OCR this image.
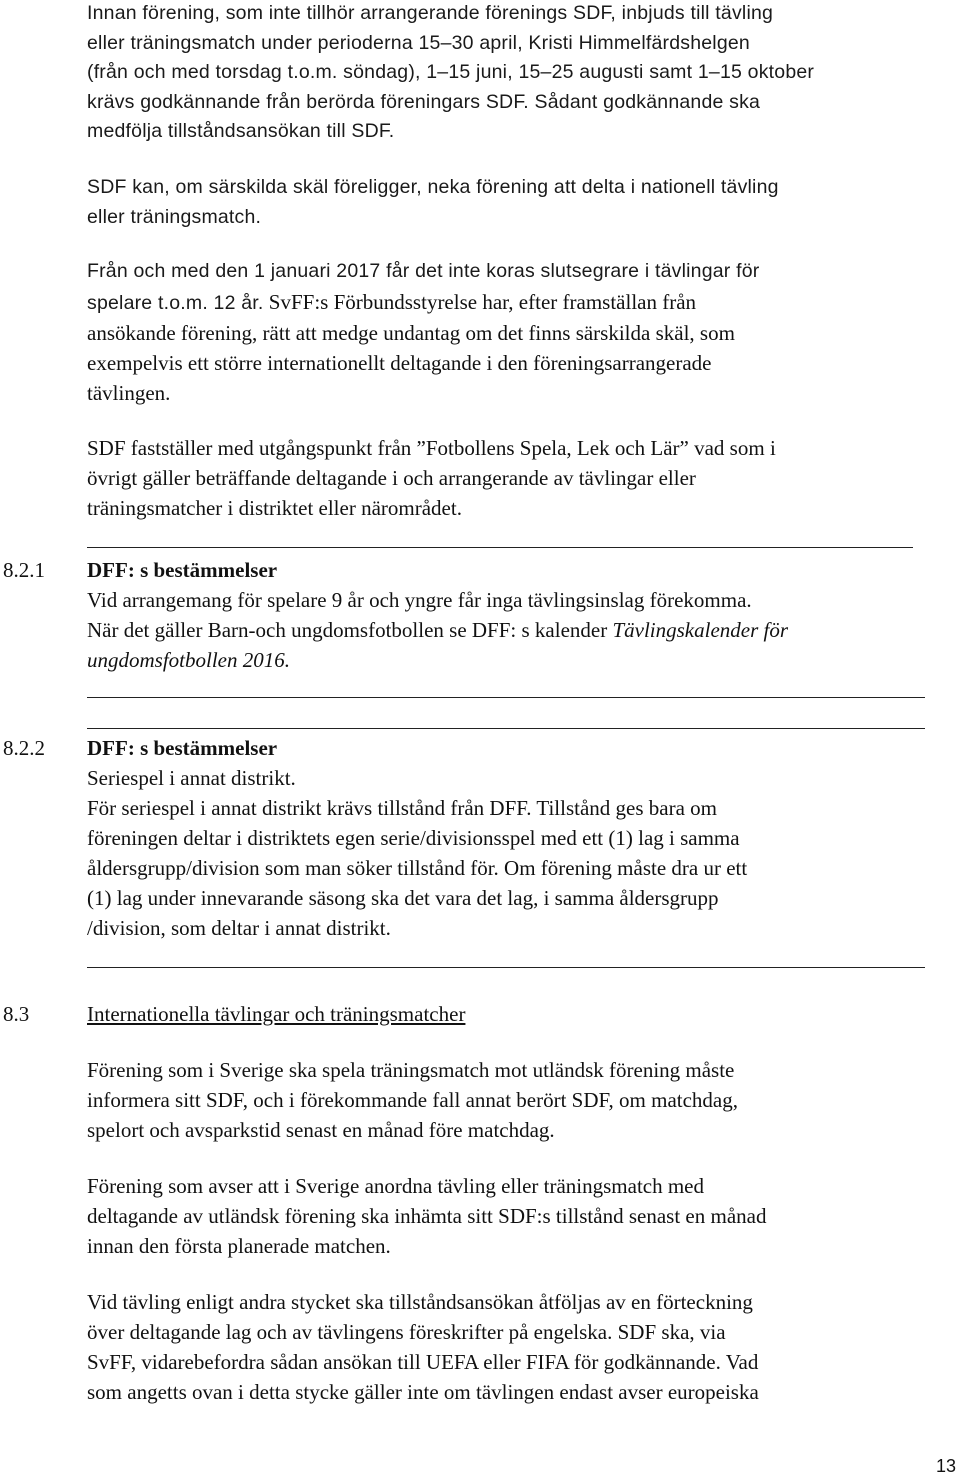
Innan förening, som inte tillhör arrangerande förenings SDF, inbjuds till tävling
eller träningsmatch under perioderna 15–30 april, Kristi Himmelfärdshelgen
(från och med torsdag t.o.m. söndag), 1–15 juni, 15–25 augusti samt 1–15 oktober
krävs godkännande från berörda föreningars SDF. Sådant godkännande ska
medfölja tillståndsansökan till SDF.
SDF kan, om särskilda skäl föreligger, neka förening att delta i nationell tävling
eller träningsmatch.
Från och med den 1 januari 2017 får det inte koras slutsegrare i tävlingar för
spelare t.o.m. 12 år. SvFF:s Förbundsstyrelse har, efter framställan från
ansökande förening, rätt att medge undantag om det finns särskilda skäl, som
exempelvis ett större internationellt deltagande i den föreningsarrangerade
tävlingen.
SDF fastställer med utgångspunkt från ”Fotbollens Spela, Lek och Lär” vad som i
övrigt gäller beträffande deltagande i och arrangerande av tävlingar eller
träningsmatcher i distriktet eller närområdet.
8.2.1 DFF: s bestämmelser
Vid arrangemang för spelare 9 år och yngre får inga tävlingsinslag förekomma.
När det gäller Barn-och ungdomsfotbollen se DFF: s kalender Tävlingskalender för
ungdomsfotbollen 2016.
8.2.2 DFF: s bestämmelser
Seriespel i annat distrikt.
För seriespel i annat distrikt krävs tillstånd från DFF. Tillstånd ges bara om
föreningen deltar i distriktets egen serie/divisionsspel med ett (1) lag i samma
åldersgrupp/division som man söker tillstånd för. Om förening måste dra ur ett
(1) lag under innevarande säsong ska det vara det lag, i samma åldersgrupp
/division, som deltar i annat distrikt.
8.3	Internationella tävlingar och träningsmatcher
Förening som i Sverige ska spela träningsmatch mot utländsk förening måste
informera sitt SDF, och i förekommande fall annat berört SDF, om matchdag,
spelort och avsparkstid senast en månad före matchdag.
Förening som avser att i Sverige anordna tävling eller träningsmatch med
deltagande av utländsk förening ska inhämta sitt SDF:s tillstånd senast en månad
innan den första planerade matchen.
Vid tävling enligt andra stycket ska tillståndsansökan åtföljas av en förteckning
över deltagande lag och av tävlingens föreskrifter på engelska. SDF ska, via
SvFF, vidarebefordra sådan ansökan till UEFA eller FIFA för godkännande. Vad
som angetts ovan i detta stycke gäller inte om tävlingen endast avser europeiska
13
